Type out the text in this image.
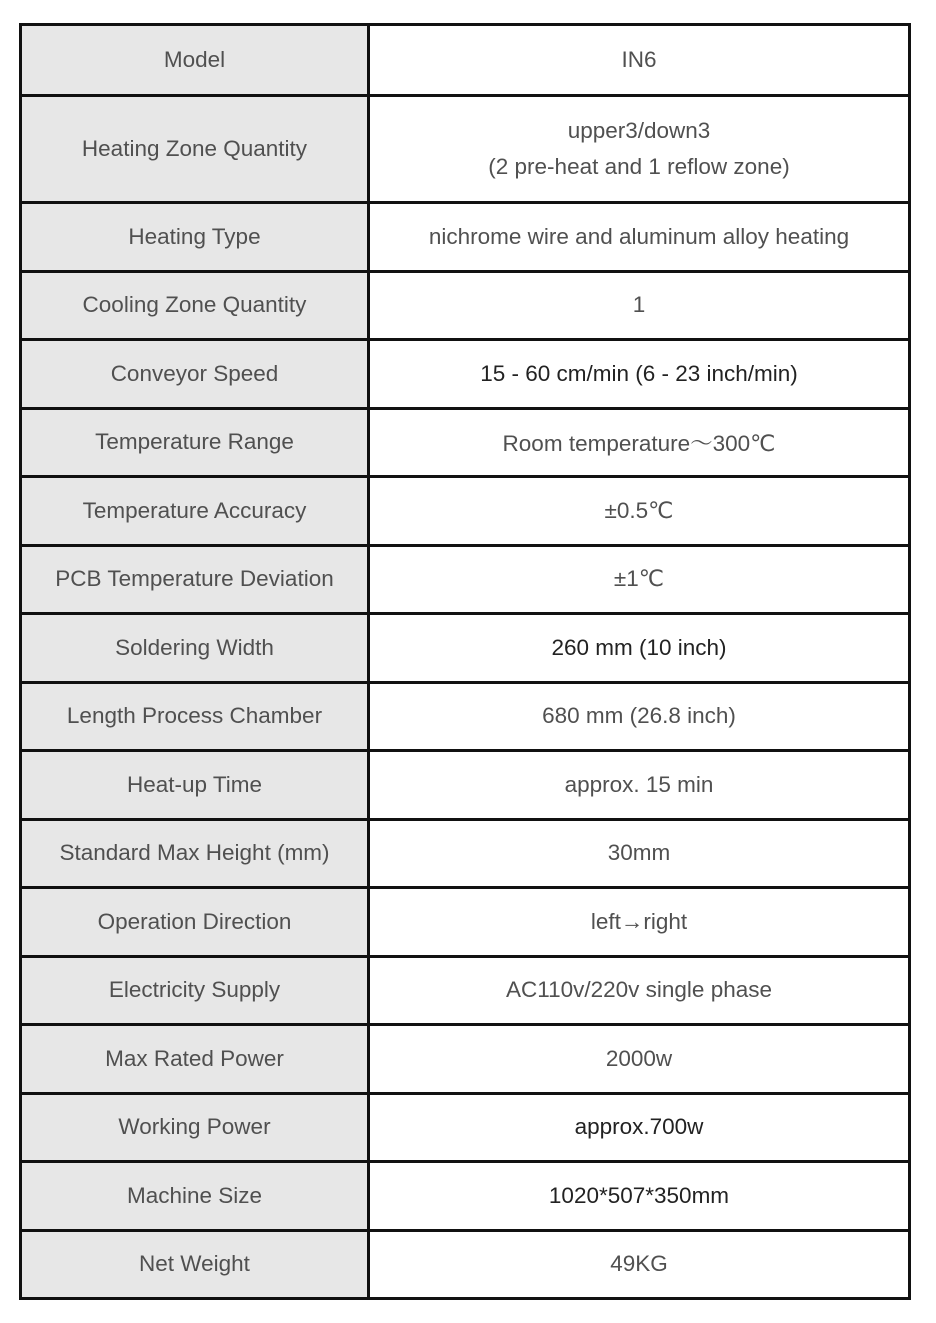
Model	IN6
Heating Zone Quantity	upper3/down3
(2 pre-heat and 1 reflow zone)

Heating Type	nichrome wire and aluminum alloy heating
Cooling Zone Quantity	1
Conveyor Speed	15 - 60 cm/min (6 - 23 inch/min)
Temperature Range	Room temperature～300℃
Temperature Accuracy	±0.5℃
PCB Temperature Deviation	±1℃
Soldering Width	260 mm (10 inch)
Length Process Chamber	680 mm (26.8 inch)
Heat-up Time	approx. 15 min
Standard Max Height (mm)	30mm
Operation Direction	left→right
Electricity Supply	AC110v/220v single phase
Max Rated Power	2000w
Working Power	approx.700w
Machine Size	1020*507*350mm
Net Weight	49KG
